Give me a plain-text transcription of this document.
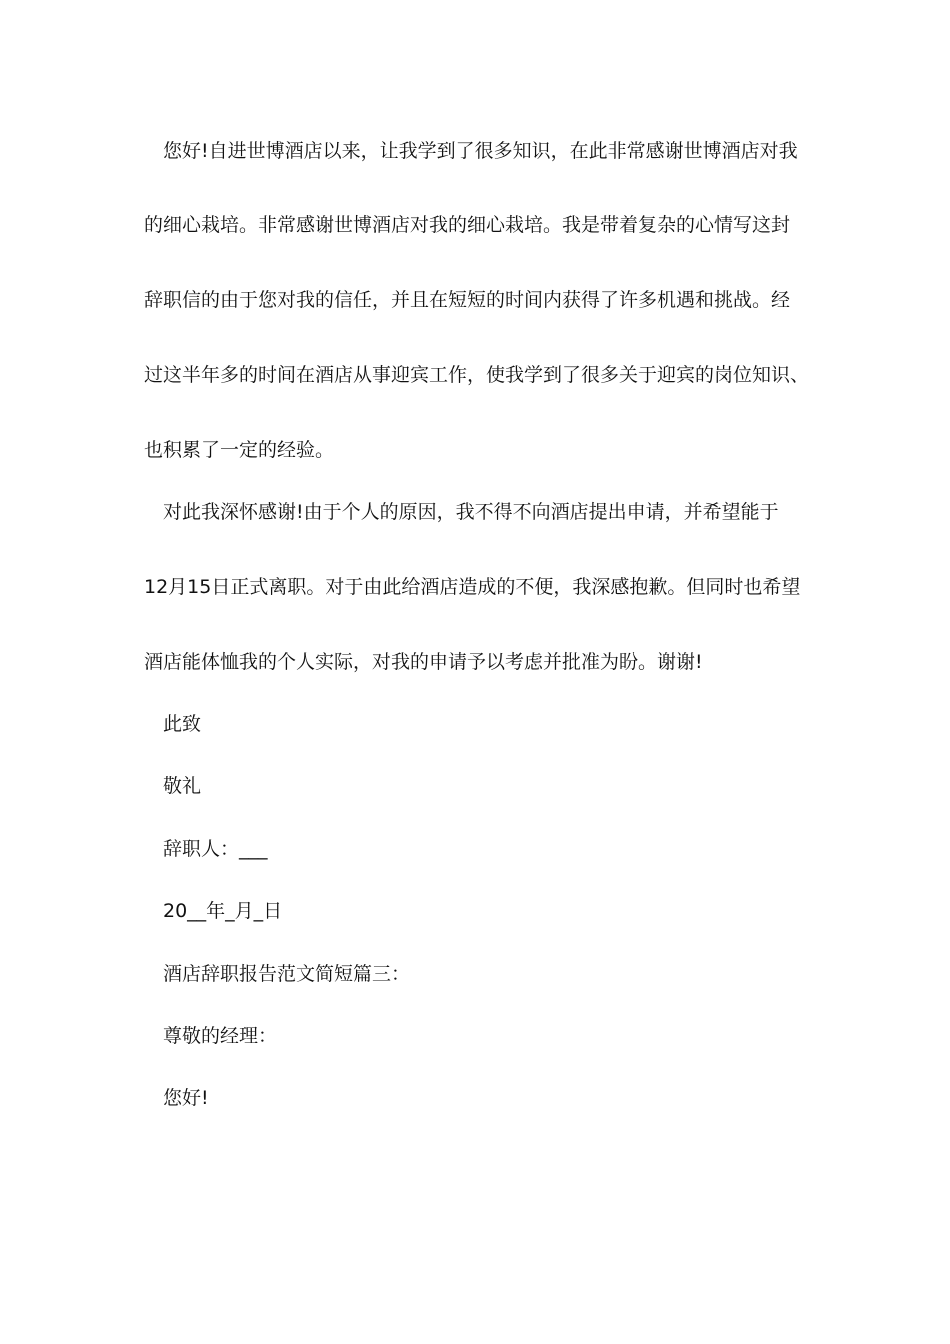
您好!自进世博酒店以来，让我学到了很多知识，在此非常感谢世博酒店对我
的细心栽培。非常感谢世博酒店对我的细心栽培。我是带着复杂的心情写这封
辞职信的由于您对我的信任，并且在短短的时间内获得了许多机遇和挑战。经
过这半年多的时间在酒店从事迎宾工作，使我学到了很多关于迎宾的岗位知识、
也积累了一定的经验。
对此我深怀感谢!由于个人的原因，我不得不向酒店提出申请，并希望能于
12月15日正式离职。对于由此给酒店造成的不便，我深感抱歉。但同时也希望
酒店能体恤我的个人实际，对我的申请予以考虑并批准为盼。谢谢!
此致
敬礼
辞职人：___
20__年_月_日
酒店辞职报告范文简短篇三：
尊敬的经理：
您好!
